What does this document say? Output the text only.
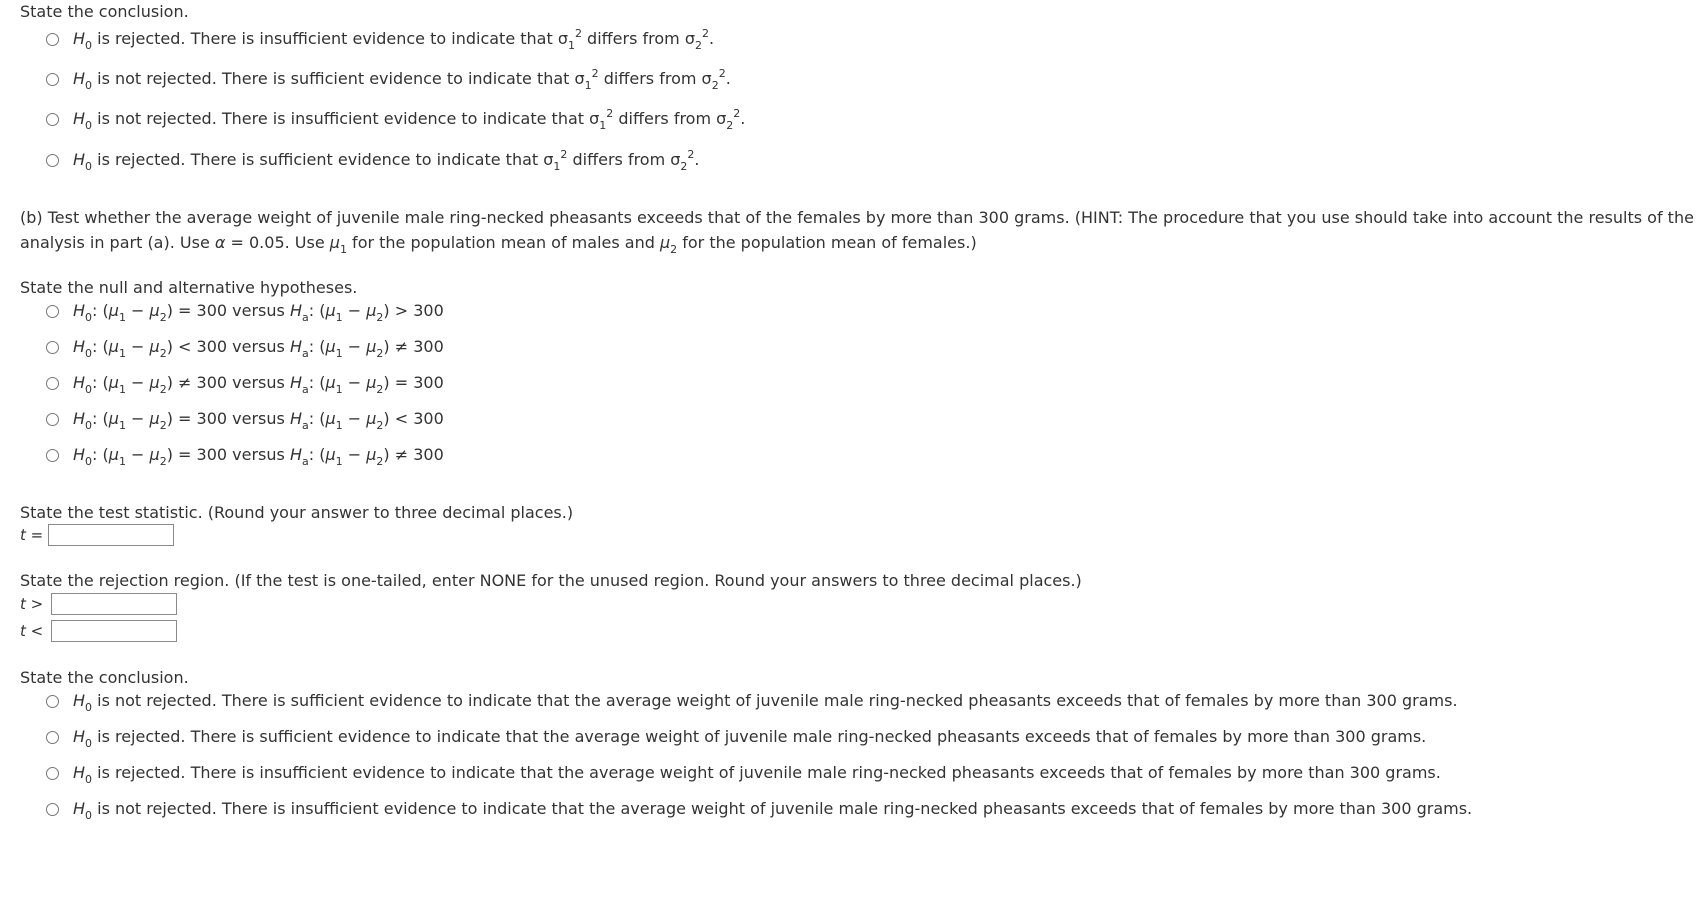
State the conclusion.
$H_0$ is rejected. There is insufficient evidence to indicate that $\sigma_1^2$ differs from $\sigma_2^2$.
$H_0$ is not rejected. There is sufficient evidence to indicate that $\sigma_1^2$ differs from $\sigma_2^2$.
$H_0$ is not rejected. There is insufficient evidence to indicate that $\sigma_1^2$ differs from $\sigma_2^2$.
$H_0$ is rejected. There is sufficient evidence to indicate that $\sigma_1^2$ differs from $\sigma_2^2$.
(b) Test whether the average weight of juvenile male ring-necked pheasants exceeds that of the females by more than 300 grams. (HINT: The procedure that you use should take into account the results of the
analysis in part (a). Use α = 0.05. Use $\mu_1$ for the population mean of males and $\mu_2$ for the population mean of females.)
State the null and alternative hypotheses.
$H_0$: $(\mu_1 - \mu_2) = 300$ versus $H_a$: $(\mu_1 - \mu_2) > 300$
$H_0$: $(\mu_1 - \mu_2) < 300$ versus $H_a$: $(\mu_1 - \mu_2) \ne 300$
$H_0$: $(\mu_1 - \mu_2) \ne 300$ versus $H_a$: $(\mu_1 - \mu_2) = 300$
$H_0$: $(\mu_1 - \mu_2) = 300$ versus $H_a$: $(\mu_1 - \mu_2) < 300$
$H_0$: $(\mu_1 - \mu_2) = 300$ versus $H_a$: $(\mu_1 - \mu_2) \ne 300$
State the test statistic. (Round your answer to three decimal places.)
t =
State the rejection region. (If the test is one-tailed, enter NONE for the unused region. Round your answers to three decimal places.)
t >
t <
State the conclusion.
$H_0$ is not rejected. There is sufficient evidence to indicate that the average weight of juvenile male ring-necked pheasants exceeds that of females by more than 300 grams.
$H_0$ is rejected. There is sufficient evidence to indicate that the average weight of juvenile male ring-necked pheasants exceeds that of females by more than 300 grams.
$H_0$ is rejected. There is insufficient evidence to indicate that the average weight of juvenile male ring-necked pheasants exceeds that of females by more than 300 grams.
$H_0$ is not rejected. There is insufficient evidence to indicate that the average weight of juvenile male ring-necked pheasants exceeds that of females by more than 300 grams.
